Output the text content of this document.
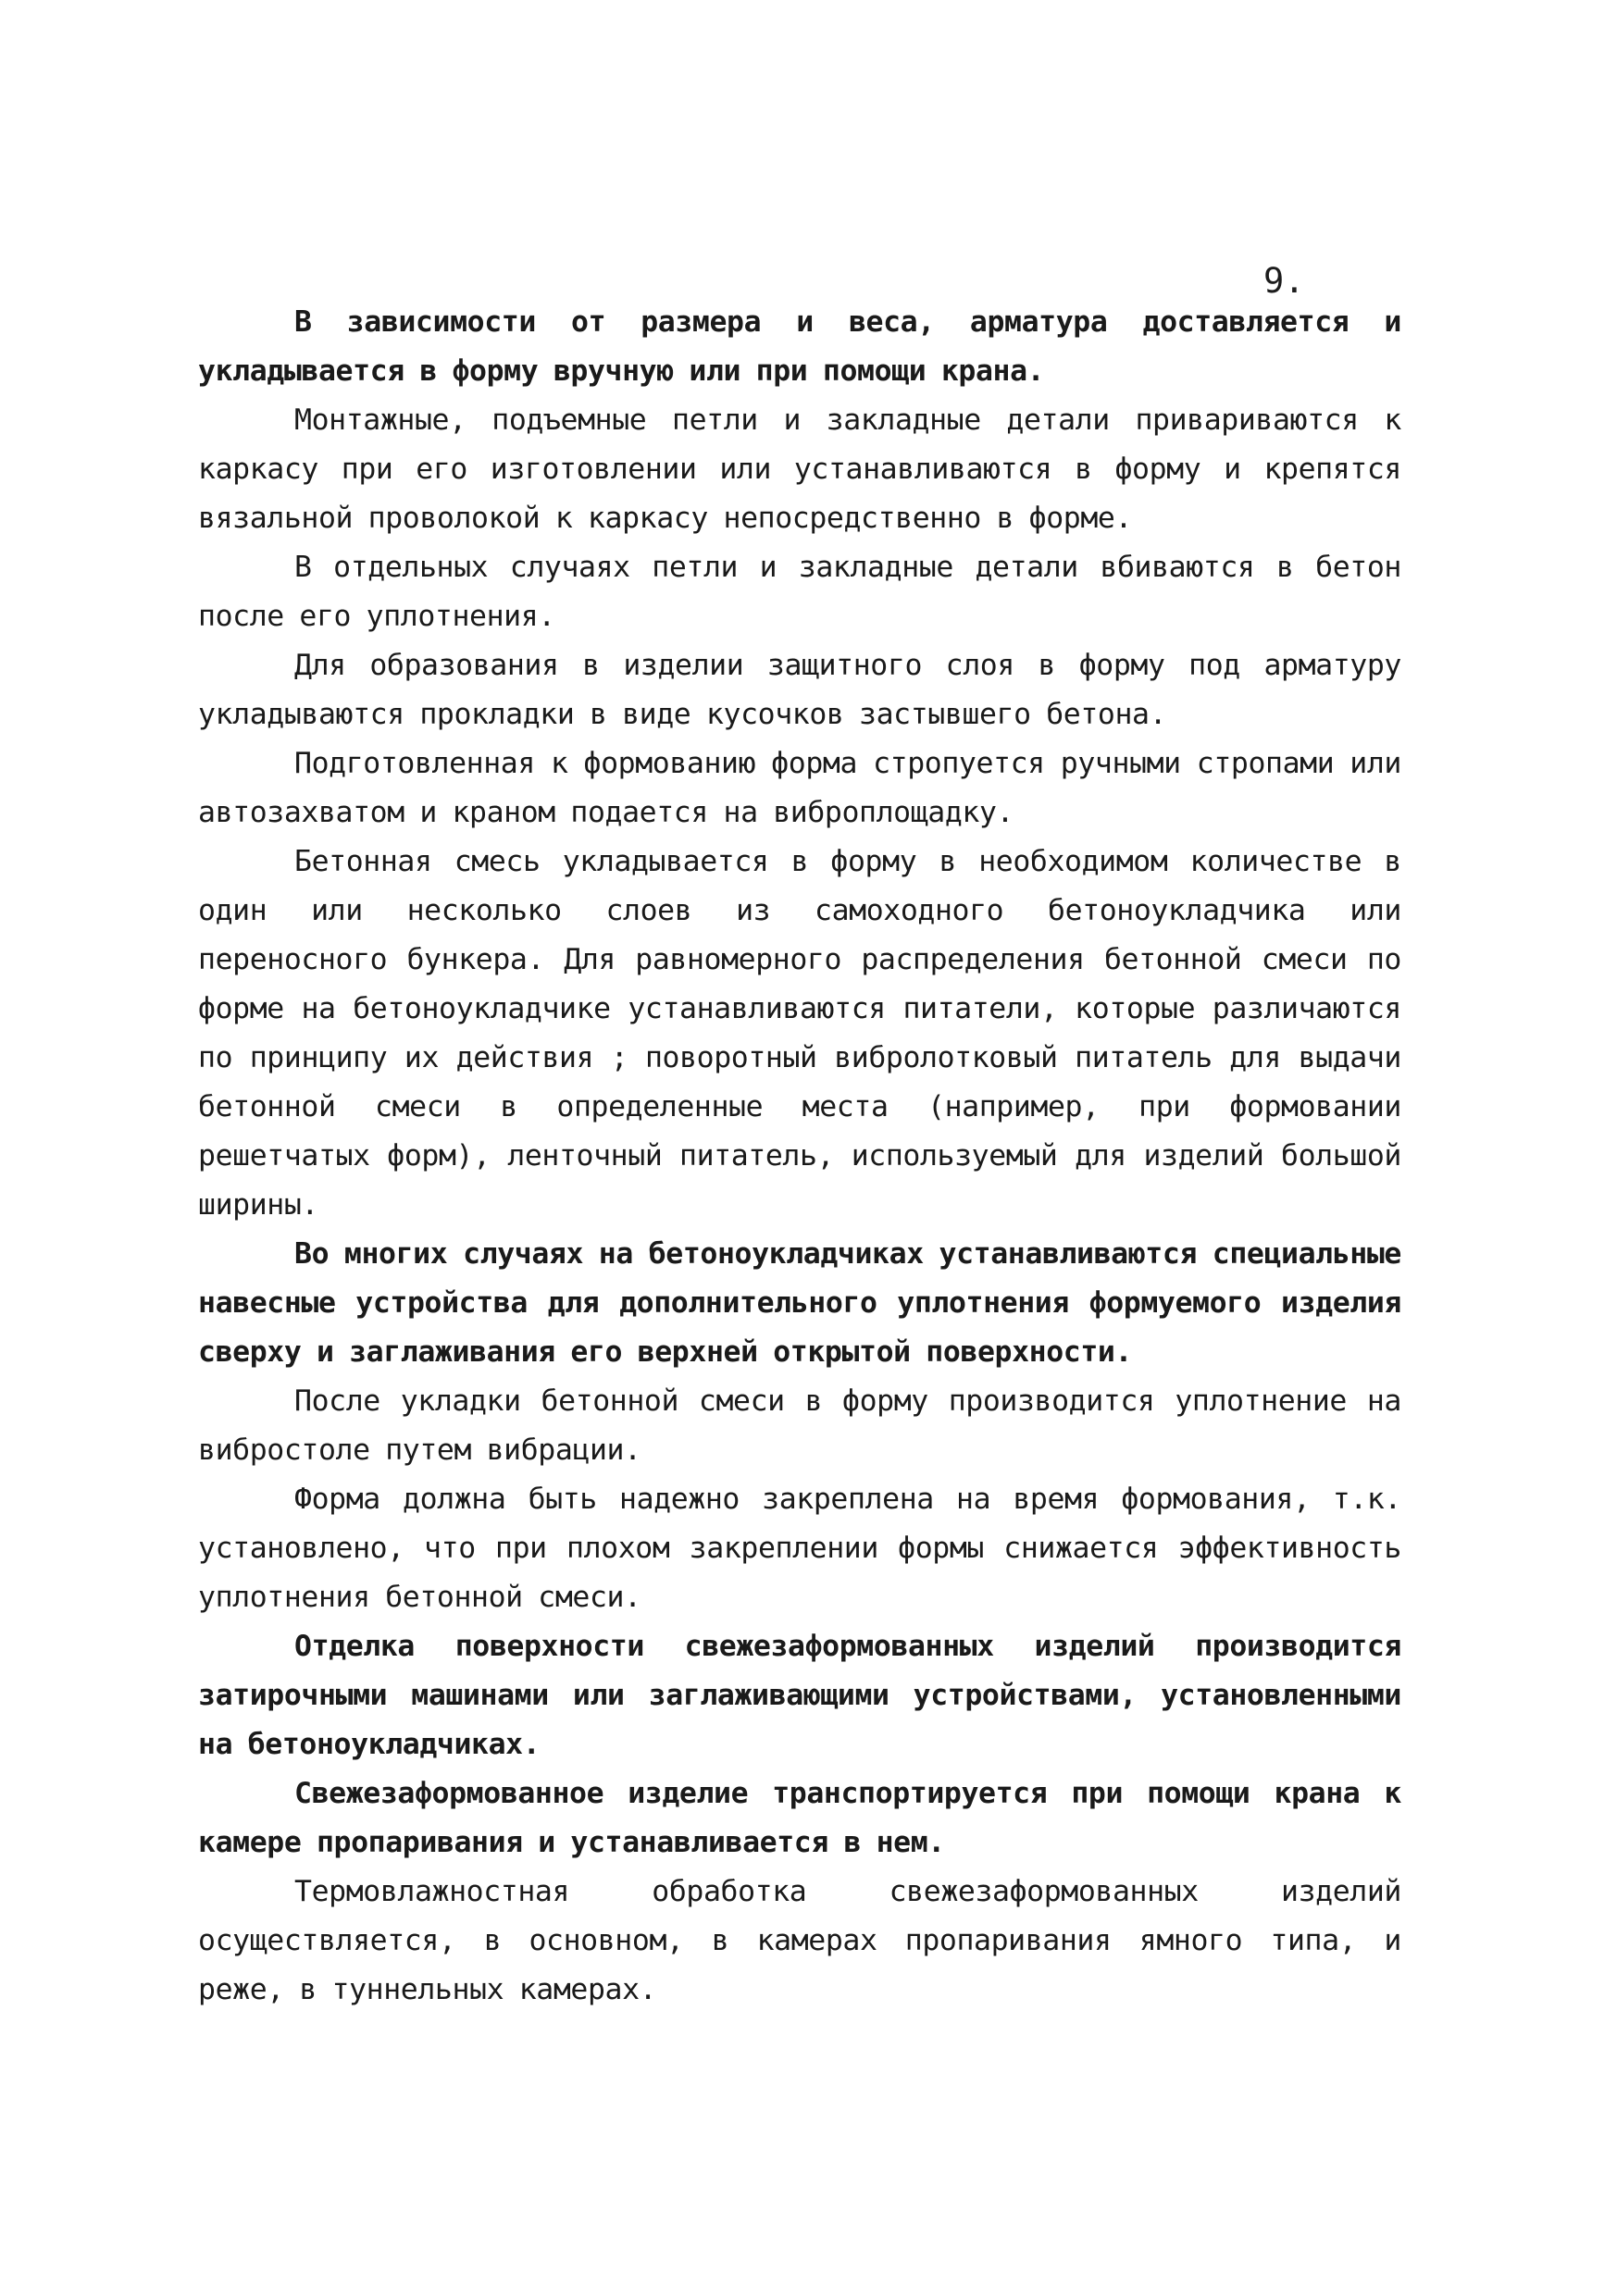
9.

В зависимости от размера и веса, арматура доставляется и укладывается в форму вручную или при помощи крана.

Монтажные, подъемные петли и закладные детали привариваются к каркасу при его изготовлении или устанавливаются в форму и крепятся вязальной проволокой к каркасу непосредственно в форме.

В отдельных случаях петли и закладные детали вбиваются в бетон после его уплотнения.

Для образования в изделии защитного слоя в форму под арматуру укладываются прокладки в виде кусочков застывшего бетона.

Подготовленная к формованию форма стропуется ручными стропами или автозахватом и краном подается на виброплощадку.

Бетонная смесь укладывается в форму в необходимом количестве в один или несколько слоев из самоходного бетоноукладчика или переносного бункера. Для равномерного распределения бетонной смеси по форме на бетоноукладчике устанавливаются питатели, которые различаются по принципу их действия ; поворотный вибролотковый питатель для выдачи бетонной смеси в определенные места (например, при формовании решетчатых форм), ленточный питатель, используемый для изделий большой ширины.

Во многих случаях на бетоноукладчиках устанавливаются специальные навесные устройства для дополнительного уплотнения формуемого изделия сверху и заглаживания его верхней открытой поверхности.

После укладки бетонной смеси в форму производится уплотнение на вибростоле путем вибрации.

Форма должна быть надежно закреплена на время формования, т.к. установлено, что при плохом закреплении формы снижается эффективность уплотнения бетонной смеси.

Отделка поверхности свежезаформованных изделий производится затирочными машинами или заглаживающими устройствами, установленными на бетоноукладчиках.

Свежезаформованное изделие транспортируется при помощи крана к камере пропаривания и устанавливается в нем.

Термовлажностная обработка свежезаформованных изделий осуществляется, в основном, в камерах пропаривания ямного типа, и реже, в туннельных камерах.
